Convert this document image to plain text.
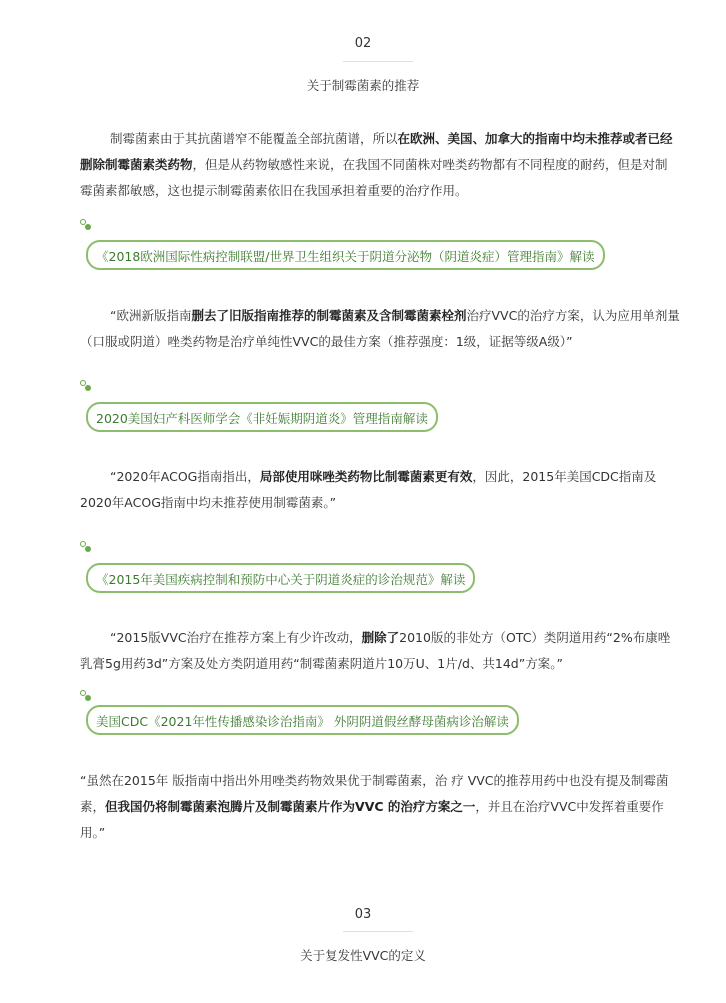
02
关于制霉菌素的推荐

制霉菌素由于其抗菌谱窄不能覆盖全部抗菌谱，所以在欧洲、美国、加拿大的指南中均未推荐或者已经删除制霉菌素类药物，但是从药物敏感性来说，在我国不同菌株对唑类药物都有不同程度的耐药，但是对制霉菌素都敏感，这也提示制霉菌素依旧在我国承担着重要的治疗作用。

《2018欧洲国际性病控制联盟/世界卫生组织关于阴道分泌物（阴道炎症）管理指南》解读

“欧洲新版指南删去了旧版指南推荐的制霉菌素及含制霉菌素栓剂治疗VVC的治疗方案，认为应用单剂量（口服或阴道）唑类药物是治疗单纯性VVC的最佳方案（推荐强度：1级，证据等级A级）”

2020美国妇产科医师学会《非妊娠期阴道炎》管理指南解读

“2020年ACOG指南指出，局部使用咪唑类药物比制霉菌素更有效，因此，2015年美国CDC指南及2020年ACOG指南中均未推荐使用制霉菌素。”

《2015年美国疾病控制和预防中心关于阴道炎症的诊治规范》解读

“2015版VVC治疗在推荐方案上有少许改动，删除了2010版的非处方（OTC）类阴道用药“2%布康唑乳膏5g用药3d”方案及处方类阴道用药“制霉菌素阴道片10万U、1片/d、共14d”方案。”

美国CDC《2021年性传播感染诊治指南》 外阴阴道假丝酵母菌病诊治解读

“虽然在2015年 版指南中指出外用唑类药物效果优于制霉菌素，治 疗 VVC的推荐用药中也没有提及制霉菌素，但我国仍将制霉菌素泡腾片及制霉菌素片作为VVC 的治疗方案之一，并且在治疗VVC中发挥着重要作用。”

03
关于复发性VVC的定义
